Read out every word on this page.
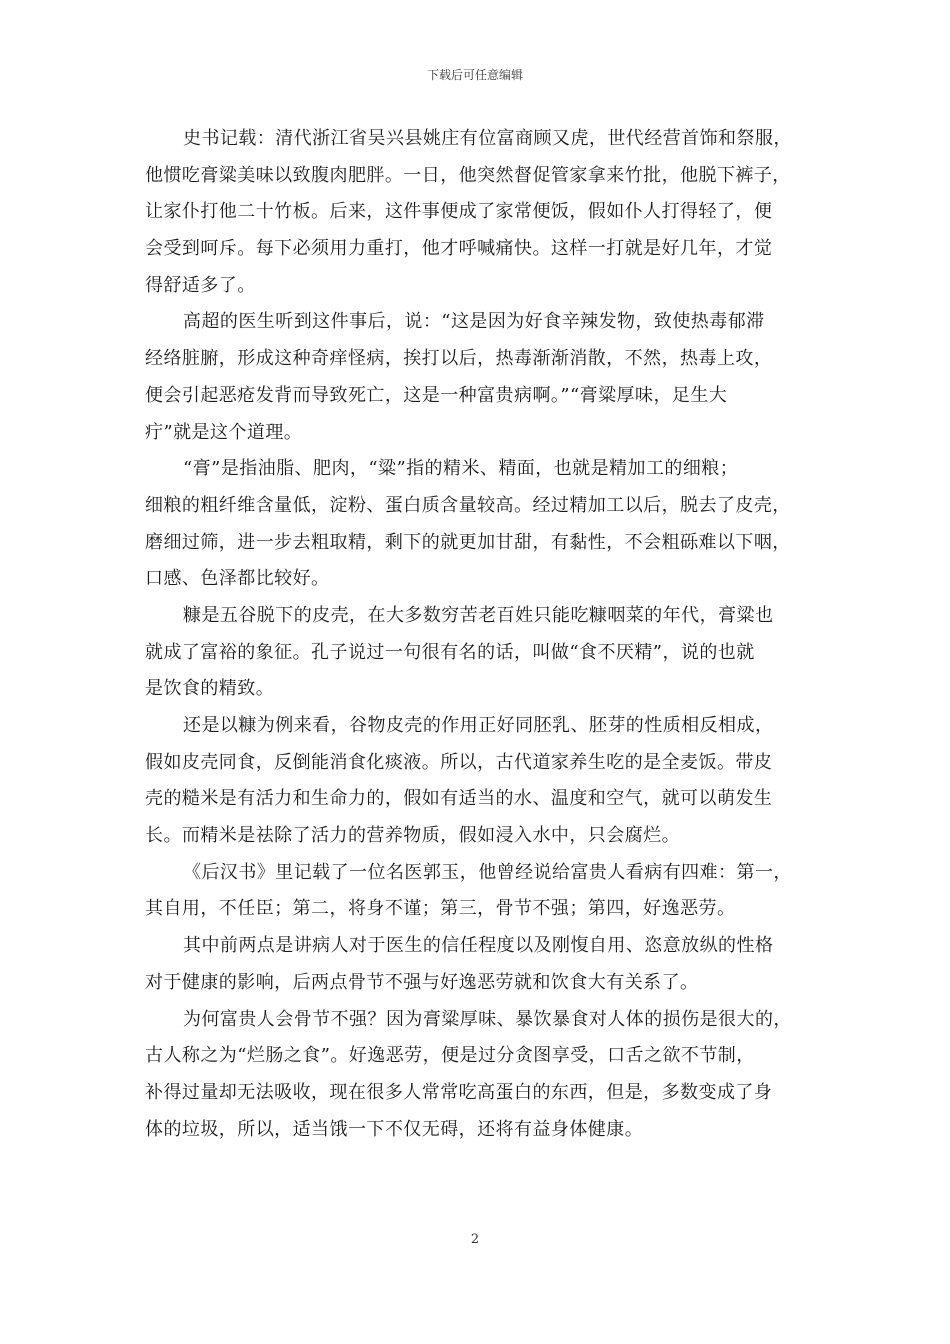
下载后可任意编辑
史书记载：清代浙江省吴兴县姚庄有位富商顾又虎，世代经营首饰和祭服，
他惯吃膏粱美味以致腹肉肥胖。一日，他突然督促管家拿来竹批，他脱下裤子，
让家仆打他二十竹板。后来，这件事便成了家常便饭，假如仆人打得轻了，便
会受到呵斥。每下必须用力重打，他才呼喊痛快。这样一打就是好几年，才觉
得舒适多了。
高超的医生听到这件事后，说：“这是因为好食辛辣发物，致使热毒郁滞
经络脏腑，形成这种奇痒怪病，挨打以后，热毒渐渐消散，不然，热毒上攻，
便会引起恶疮发背而导致死亡，这是一种富贵病啊。”“膏粱厚味，足生大
疔”就是这个道理。
“膏”是指油脂、肥肉，“粱”指的精米、精面，也就是精加工的细粮；
细粮的粗纤维含量低，淀粉、蛋白质含量较高。经过精加工以后，脱去了皮壳，
磨细过筛，进一步去粗取精，剩下的就更加甘甜，有黏性，不会粗砾难以下咽，
口感、色泽都比较好。
糠是五谷脱下的皮壳，在大多数穷苦老百姓只能吃糠咽菜的年代，膏粱也
就成了富裕的象征。孔子说过一句很有名的话，叫做“食不厌精”，说的也就
是饮食的精致。
还是以糠为例来看，谷物皮壳的作用正好同胚乳、胚芽的性质相反相成，
假如皮壳同食，反倒能消食化痰液。所以，古代道家养生吃的是全麦饭。带皮
壳的糙米是有活力和生命力的，假如有适当的水、温度和空气，就可以萌发生
长。而精米是祛除了活力的营养物质，假如浸入水中，只会腐烂。
《后汉书》里记载了一位名医郭玉，他曾经说给富贵人看病有四难：第一，
其自用，不任臣；第二，将身不谨；第三，骨节不强；第四，好逸恶劳。
其中前两点是讲病人对于医生的信任程度以及刚愎自用、恣意放纵的性格
对于健康的影响，后两点骨节不强与好逸恶劳就和饮食大有关系了。
为何富贵人会骨节不强？因为膏粱厚味、暴饮暴食对人体的损伤是很大的，
古人称之为“烂肠之食”。好逸恶劳，便是过分贪图享受，口舌之欲不节制，
补得过量却无法吸收，现在很多人常常吃高蛋白的东西，但是，多数变成了身
体的垃圾，所以，适当饿一下不仅无碍，还将有益身体健康。
2
